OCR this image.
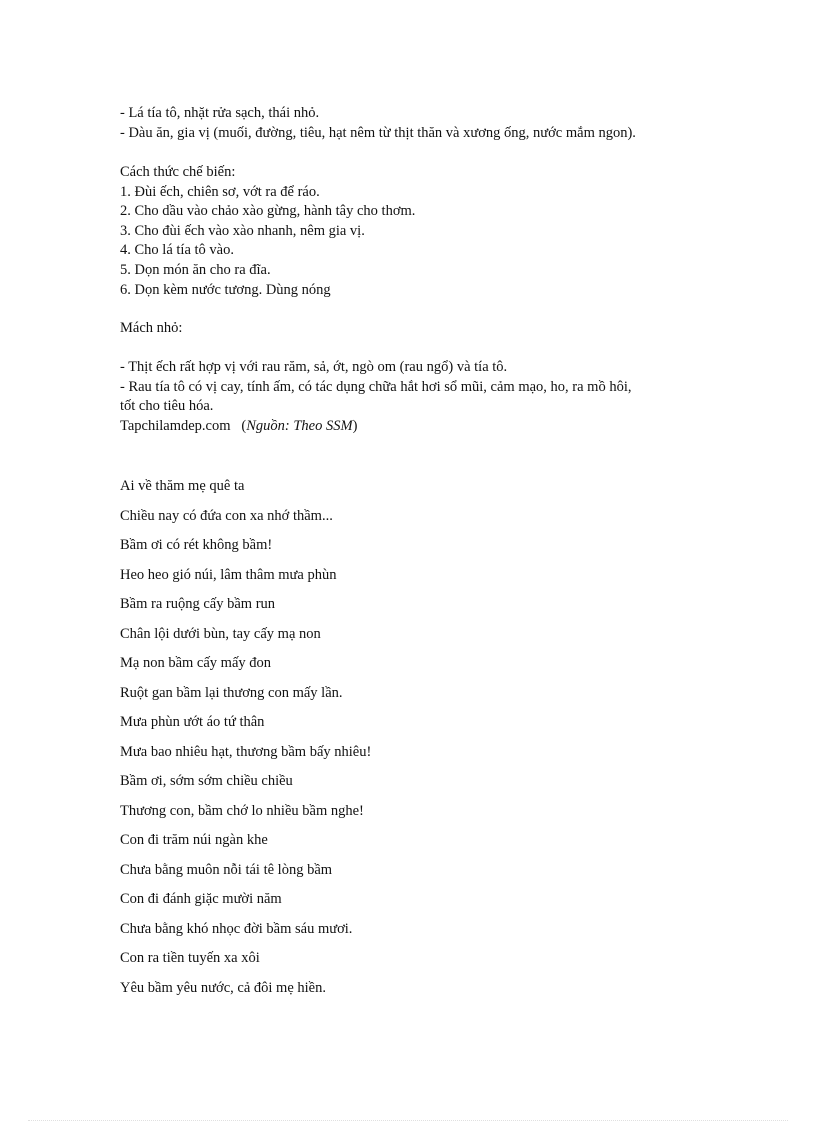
- Lá tía tô, nhặt rửa sạch, thái nhỏ.
- Dàu ăn, gia vị (muối, đường, tiêu, hạt nêm từ thịt thăn và xương ống, nước mắm ngon).
Cách thức chế biến:
1. Đùi ếch, chiên sơ, vớt ra để ráo.
2. Cho dầu vào chảo xào gừng, hành tây cho thơm.
3. Cho đùi ếch vào xào nhanh, nêm gia vị.
4. Cho lá tía tô vào.
5. Dọn món ăn cho ra đĩa.
6. Dọn kèm nước tương. Dùng nóng
Mách nhỏ:
- Thịt ếch rất hợp vị với rau răm, sả, ớt, ngò om (rau ngổ) và tía tô.
- Rau tía tô có vị cay, tính ấm, có tác dụng chữa hắt hơi sổ mũi, cảm mạo, ho, ra mồ hôi,
tốt cho tiêu hóa.
Tapchilamdep.com (Nguồn: Theo SSM)
Ai về thăm mẹ quê ta
Chiều nay có đứa con xa nhớ thầm...
Bầm ơi có rét không bầm!
Heo heo gió núi, lâm thâm mưa phùn
Bầm ra ruộng cấy bầm run
Chân lội dưới bùn, tay cấy mạ non
Mạ non bầm cấy mấy đon
Ruột gan bầm lại thương con mấy lần.
Mưa phùn ướt áo tứ thân
Mưa bao nhiêu hạt, thương bầm bấy nhiêu!
Bầm ơi, sớm sớm chiều chiều
Thương con, bầm chớ lo nhiều bầm nghe!
Con đi trăm núi ngàn khe
Chưa bằng muôn nỗi tái tê lòng bầm
Con đi đánh giặc mười năm
Chưa bằng khó nhọc đời bầm sáu mươi.
Con ra tiền tuyến xa xôi
Yêu bầm yêu nước, cả đôi mẹ hiền.
